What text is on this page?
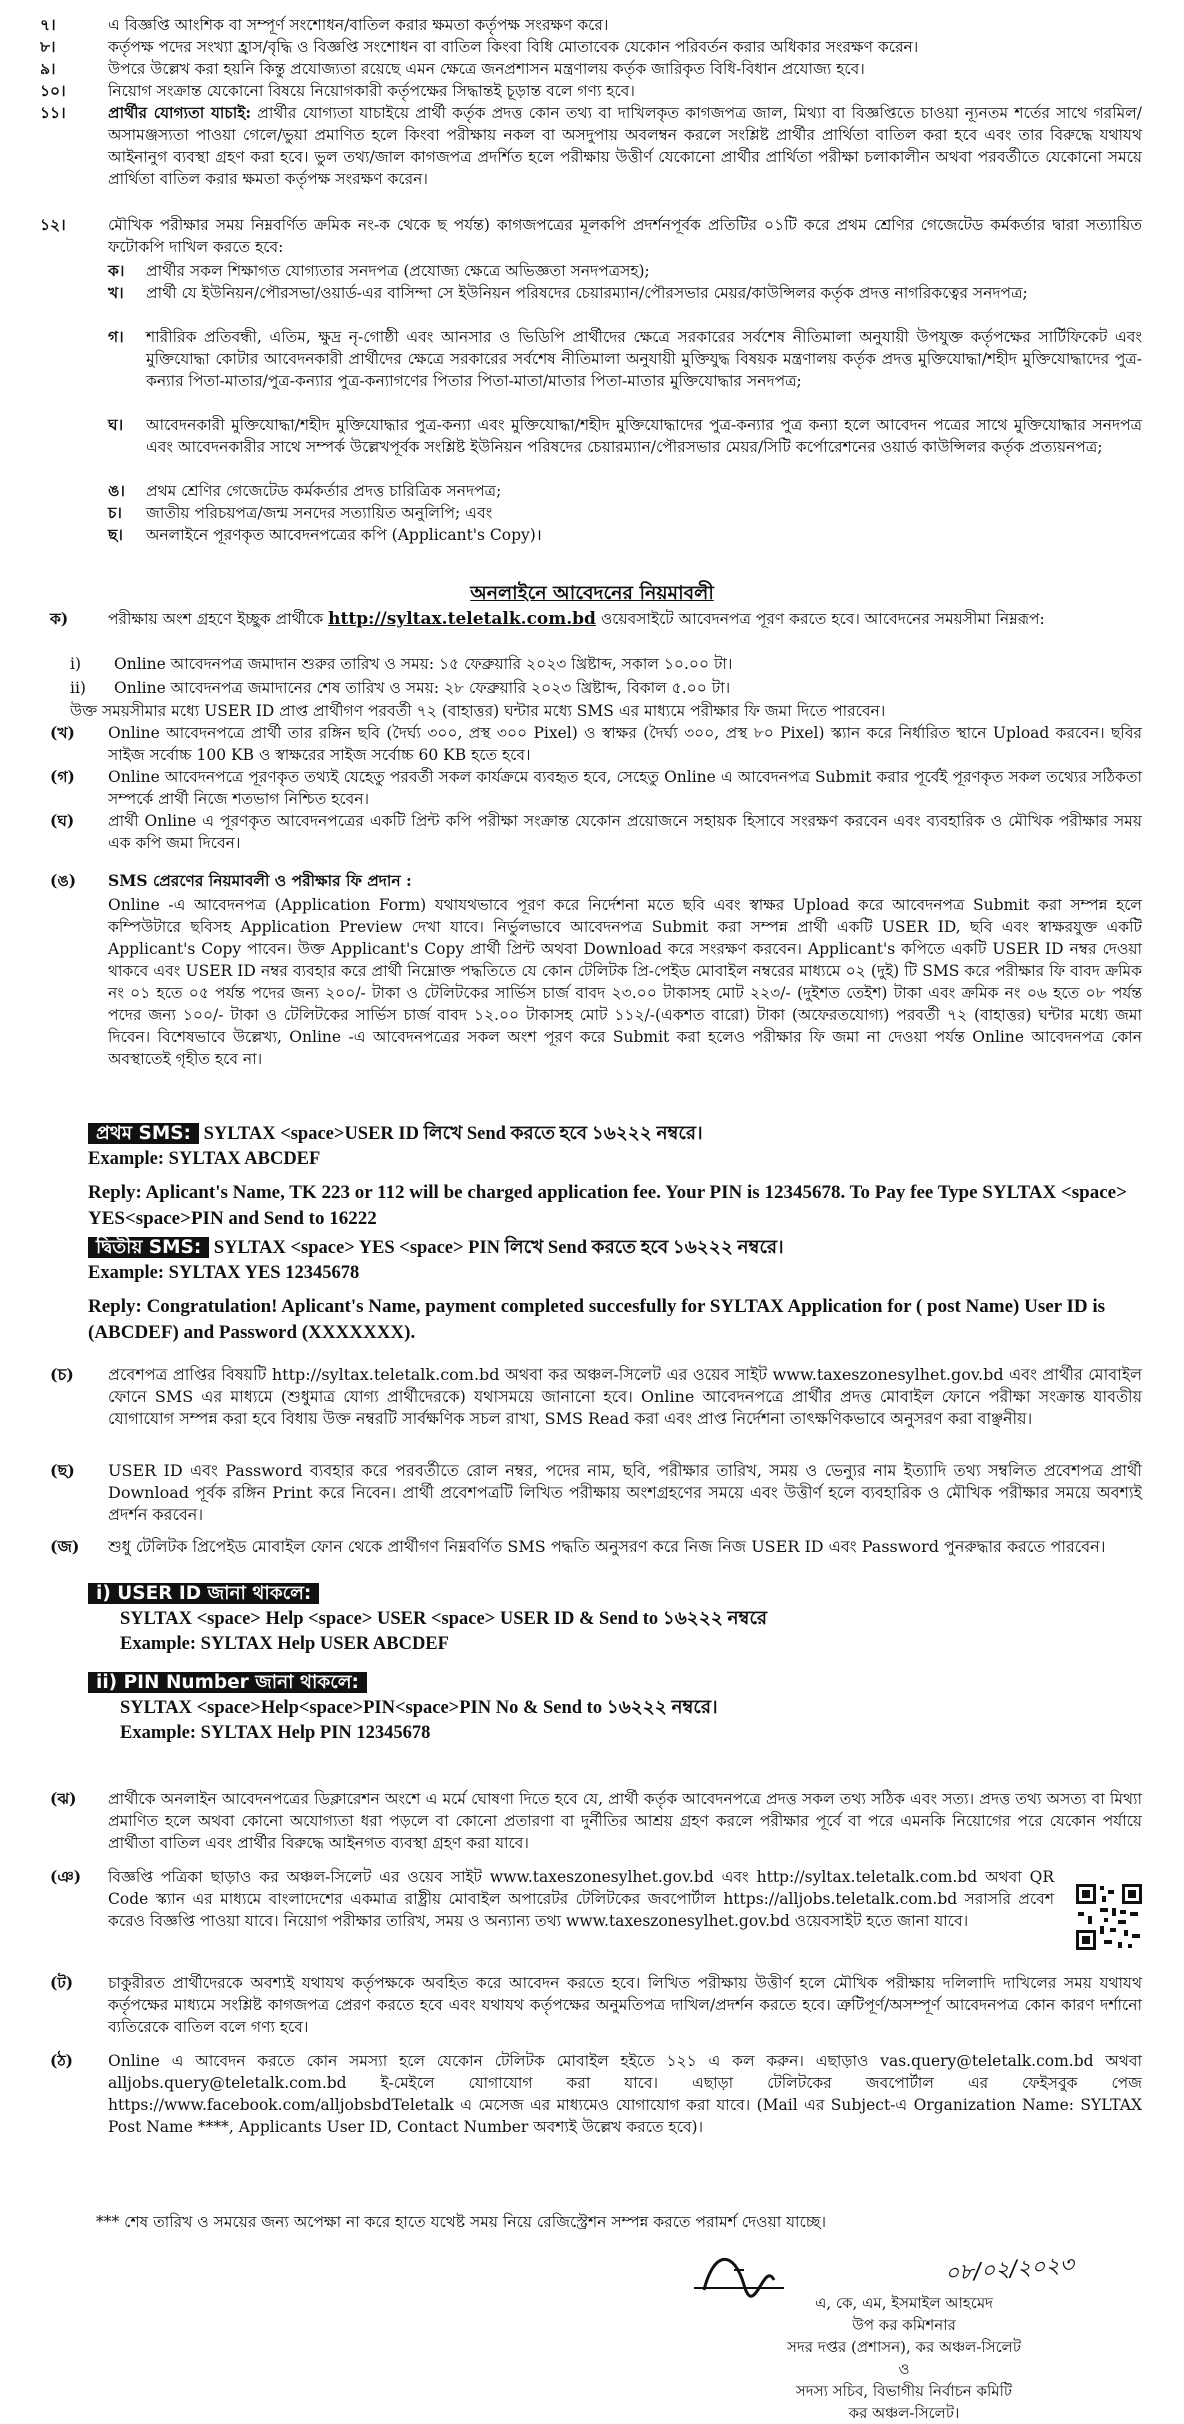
৭।	এ বিজ্ঞপ্তি আংশিক বা সম্পূর্ণ সংশোধন/বাতিল করার ক্ষমতা কর্তৃপক্ষ সংরক্ষণ করে।
৮।	কর্তৃপক্ষ পদের সংখ্যা হ্রাস/বৃদ্ধি ও বিজ্ঞপ্তি সংশোধন বা বাতিল কিংবা বিধি মোতাবেক যেকোন পরিবর্তন করার অধিকার সংরক্ষণ করেন।
৯।	উপরে উল্লেখ করা হয়নি কিন্তু প্রযোজ্যতা রয়েছে এমন ক্ষেত্রে জনপ্রশাসন মন্ত্রণালয় কর্তৃক জারিকৃত বিধি-বিধান প্রযোজ্য হবে।
১০।	নিয়োগ সংক্রান্ত যেকোনো বিষয়ে নিয়োগকারী কর্তৃপক্ষের সিদ্ধান্তই চূড়ান্ত বলে গণ্য হবে।
১১।	প্রার্থীর যোগ্যতা যাচাই: প্রার্থীর যোগ্যতা যাচাইয়ে প্রার্থী কর্তৃক প্রদত্ত কোন তথ্য বা দাখিলকৃত কাগজপত্র জাল, মিথ্যা বা বিজ্ঞপ্তিতে চাওয়া ন্যূনতম শর্তের সাথে গরমিল/অসামঞ্জস্যতা পাওয়া গেলে/ভুয়া প্রমাণিত হলে কিংবা পরীক্ষায় নকল বা অসদুপায় অবলম্বন করলে সংশ্লিষ্ট প্রার্থীর প্রার্থিতা বাতিল করা হবে এবং তার বিরুদ্ধে যথাযথ আইনানুগ ব্যবস্থা গ্রহণ করা হবে। ভুল তথ্য/জাল কাগজপত্র প্রদর্শিত হলে পরীক্ষায় উত্তীর্ণ যেকোনো প্রার্থীর প্রার্থিতা পরীক্ষা চলাকালীন অথবা পরবর্তীতে যেকোনো সময়ে প্রার্থিতা বাতিল করার ক্ষমতা কর্তৃপক্ষ সংরক্ষণ করেন।
১২।	মৌখিক পরীক্ষার সময় নিম্নবর্ণিত ক্রমিক নং-ক থেকে ছ পর্যন্ত) কাগজপত্রের মূলকপি প্রদর্শনপূর্বক প্রতিটির ০১টি করে প্রথম শ্রেণির গেজেটেড কর্মকর্তার দ্বারা সত্যায়িত ফটোকপি দাখিল করতে হবে:
ক।	প্রার্থীর সকল শিক্ষাগত যোগ্যতার সনদপত্র (প্রযোজ্য ক্ষেত্রে অভিজ্ঞতা সনদপত্রসহ);
খ।	প্রার্থী যে ইউনিয়ন/পৌরসভা/ওয়ার্ড-এর বাসিন্দা সে ইউনিয়ন পরিষদের চেয়ারম্যান/পৌরসভার মেয়র/কাউন্সিলর কর্তৃক প্রদত্ত নাগরিকত্বের সনদপত্র;
গ।	শারীরিক প্রতিবন্ধী, এতিম, ক্ষুদ্র নৃ-গোষ্ঠী এবং আনসার ও ভিডিপি প্রার্থীদের ক্ষেত্রে সরকারের সর্বশেষ নীতিমালা অনুযায়ী উপযুক্ত কর্তৃপক্ষের সার্টিফিকেট এবং মুক্তিযোদ্ধা কোটার আবেদনকারী প্রার্থীদের ক্ষেত্রে সরকারের সর্বশেষ নীতিমালা অনুযায়ী মুক্তিযুদ্ধ বিষয়ক মন্ত্রণালয় কর্তৃক প্রদত্ত মুক্তিযোদ্ধা/শহীদ মুক্তিযোদ্ধাদের পুত্র-কন্যার পিতা-মাতার/পুত্র-কন্যার পুত্র-কন্যাগণের পিতার পিতা-মাতা/মাতার পিতা-মাতার মুক্তিযোদ্ধার সনদপত্র;
ঘ।	আবেদনকারী মুক্তিযোদ্ধা/শহীদ মুক্তিযোদ্ধার পুত্র-কন্যা এবং মুক্তিযোদ্ধা/শহীদ মুক্তিযোদ্ধাদের পুত্র-কন্যার পুত্র কন্যা হলে আবেদন পত্রের সাথে মুক্তিযোদ্ধার সনদপত্র এবং আবেদনকারীর সাথে সম্পর্ক উল্লেখপূর্বক সংশ্লিষ্ট ইউনিয়ন পরিষদের চেয়ারম্যান/পৌরসভার মেয়র/সিটি কর্পোরেশনের ওয়ার্ড কাউন্সিলর কর্তৃক প্রত্যয়নপত্র;
ঙ।	প্রথম শ্রেণির গেজেটেড কর্মকর্তার প্রদত্ত চারিত্রিক সনদপত্র;
চ।	জাতীয় পরিচয়পত্র/জন্ম সনদের সত্যায়িত অনুলিপি; এবং
ছ।	অনলাইনে পূরণকৃত আবেদনপত্রের কপি (Applicant's Copy)।
অনলাইনে আবেদনের নিয়মাবলী
ক)	পরীক্ষায় অংশ গ্রহণে ইচ্ছুক প্রার্থীকে http://syltax.teletalk.com.bd ওয়েবসাইটে আবেদনপত্র পূরণ করতে হবে। আবেদনের সময়সীমা নিম্নরূপ:
i)	Online আবেদনপত্র জমাদান শুরুর তারিখ ও সময়: ১৫ ফেব্রুয়ারি ২০২৩ খ্রিষ্টাব্দ, সকাল ১০.০০ টা।
ii)	Online আবেদনপত্র জমাদানের শেষ তারিখ ও সময়: ২৮ ফেব্রুয়ারি ২০২৩ খ্রিষ্টাব্দ, বিকাল ৫.০০ টা।
উক্ত সময়সীমার মধ্যে USER ID প্রাপ্ত প্রার্থীগণ পরবর্তী ৭২ (বাহাত্তর) ঘন্টার মধ্যে SMS এর মাধ্যমে পরীক্ষার ফি জমা দিতে পারবেন।
(খ)	Online আবেদনপত্রে প্রার্থী তার রঙ্গিন ছবি (দৈর্ঘ্য ৩০০, প্রস্থ ৩০০ Pixel) ও স্বাক্ষর (দৈর্ঘ্য ৩০০, প্রস্থ ৮০ Pixel) স্ক্যান করে নির্ধারিত স্থানে Upload করবেন। ছবির সাইজ সর্বোচ্চ 100 KB ও স্বাক্ষরের সাইজ সর্বোচ্চ 60 KB হতে হবে।
(গ)	Online আবেদনপত্রে পূরণকৃত তথ্যই যেহেতু পরবর্তী সকল কার্যক্রমে ব্যবহৃত হবে, সেহেতু Online এ আবেদনপত্র Submit করার পূর্বেই পূরণকৃত সকল তথ্যের সঠিকতা সম্পর্কে প্রার্থী নিজে শতভাগ নিশ্চিত হবেন।
(ঘ)	প্রার্থী Online এ পূরণকৃত আবেদনপত্রের একটি প্রিন্ট কপি পরীক্ষা সংক্রান্ত যেকোন প্রয়োজনে সহায়ক হিসাবে সংরক্ষণ করবেন এবং ব্যবহারিক ও মৌখিক পরীক্ষার সময় এক কপি জমা দিবেন।
(ঙ)	SMS প্রেরণের নিয়মাবলী ও পরীক্ষার ফি প্রদান :
Online -এ আবেদনপত্র (Application Form) যথাযথভাবে পূরণ করে নির্দেশনা মতে ছবি এবং স্বাক্ষর Upload করে আবেদনপত্র Submit করা সম্পন্ন হলে কম্পিউটারে ছবিসহ Application Preview দেখা যাবে। নির্ভুলভাবে আবেদনপত্র Submit করা সম্পন্ন প্রার্থী একটি USER ID, ছবি এবং স্বাক্ষরযুক্ত একটি Applicant's Copy পাবেন। উক্ত Applicant's Copy প্রার্থী প্রিন্ট অথবা Download করে সংরক্ষণ করবেন। Applicant's কপিতে একটি USER ID নম্বর দেওয়া থাকবে এবং USER ID নম্বর ব্যবহার করে প্রার্থী নিম্নোক্ত পদ্ধতিতে যে কোন টেলিটক প্রি-পেইড মোবাইল নম্বরের মাধ্যমে ০২ (দুই) টি SMS করে পরীক্ষার ফি বাবদ ক্রমিক নং ০১ হতে ০৫ পর্যন্ত পদের জন্য ২০০/- টাকা ও টেলিটকের সার্ভিস চার্জ বাবদ ২৩.০০ টাকাসহ মোট ২২৩/- (দুইশত তেইশ) টাকা এবং ক্রমিক নং ০৬ হতে ০৮ পর্যন্ত পদের জন্য ১০০/- টাকা ও টেলিটকের সার্ভিস চার্জ বাবদ ১২.০০ টাকাসহ মোট ১১২/-(একশত বারো) টাকা (অফেরতযোগ্য) পরবর্তী ৭২ (বাহাত্তর) ঘন্টার মধ্যে জমা দিবেন। বিশেষভাবে উল্লেখ্য, Online -এ আবেদনপত্রের সকল অংশ পূরণ করে Submit করা হলেও পরীক্ষার ফি জমা না দেওয়া পর্যন্ত Online আবেদনপত্র কোন অবস্থাতেই গৃহীত হবে না।
প্রথম SMS: SYLTAX <space>USER ID লিখে Send করতে হবে ১৬২২২ নম্বরে।
Example: SYLTAX ABCDEF
Reply: Aplicant's Name, TK 223 or 112 will be charged application fee. Your PIN is 12345678. To Pay fee Type SYLTAX <space> YES<space>PIN and Send to 16222
দ্বিতীয় SMS: SYLTAX <space> YES <space> PIN লিখে Send করতে হবে ১৬২২২ নম্বরে।
Example: SYLTAX YES 12345678
Reply: Congratulation! Aplicant's Name, payment completed succesfully for SYLTAX Application for ( post Name) User ID is (ABCDEF) and Password (XXXXXXX).
(চ)	প্রবেশপত্র প্রাপ্তির বিষয়টি http://syltax.teletalk.com.bd অথবা কর অঞ্চল-সিলেট এর ওয়েব সাইট www.taxeszonesylhet.gov.bd এবং প্রার্থীর মোবাইল ফোনে SMS এর মাধ্যমে (শুধুমাত্র যোগ্য প্রার্থীদেরকে) যথাসময়ে জানানো হবে। Online আবেদনপত্রে প্রার্থীর প্রদত্ত মোবাইল ফোনে পরীক্ষা সংক্রান্ত যাবতীয় যোগাযোগ সম্পন্ন করা হবে বিধায় উক্ত নম্বরটি সার্বক্ষণিক সচল রাখা, SMS Read করা এবং প্রাপ্ত নির্দেশনা তাৎক্ষণিকভাবে অনুসরণ করা বাঞ্ছনীয়।
(ছ)	USER ID এবং Password ব্যবহার করে পরবর্তীতে রোল নম্বর, পদের নাম, ছবি, পরীক্ষার তারিখ, সময় ও ভেন্যুর নাম ইত্যাদি তথ্য সম্বলিত প্রবেশপত্র প্রার্থী Download পূর্বক রঙ্গিন Print করে নিবেন। প্রার্থী প্রবেশপত্রটি লিখিত পরীক্ষায় অংশগ্রহণের সময়ে এবং উত্তীর্ণ হলে ব্যবহারিক ও মৌখিক পরীক্ষার সময়ে অবশ্যই প্রদর্শন করবেন।
(জ)	শুধু টেলিটক প্রিপেইড মোবাইল ফোন থেকে প্রার্থীগণ নিম্নবর্ণিত SMS পদ্ধতি অনুসরণ করে নিজ নিজ USER ID এবং Password পুনরুদ্ধার করতে পারবেন।
i) USER ID জানা থাকলে:
SYLTAX <space> Help <space> USER <space> USER ID & Send to ১৬২২২ নম্বরে
Example: SYLTAX Help USER ABCDEF
ii) PIN Number জানা থাকলে:
SYLTAX <space>Help<space>PIN<space>PIN No & Send to ১৬২২২ নম্বরে।
Example: SYLTAX Help PIN 12345678
(ঝ)	প্রার্থীকে অনলাইন আবেদনপত্রের ডিক্লারেশন অংশে এ মর্মে ঘোষণা দিতে হবে যে, প্রার্থী কর্তৃক আবেদনপত্রে প্রদত্ত সকল তথ্য সঠিক এবং সত্য। প্রদত্ত তথ্য অসত্য বা মিথ্যা প্রমাণিত হলে অথবা কোনো অযোগ্যতা ধরা পড়লে বা কোনো প্রতারণা বা দুর্নীতির আশ্রয় গ্রহণ করলে পরীক্ষার পূর্বে বা পরে এমনকি নিয়োগের পরে যেকোন পর্যায়ে প্রার্থীতা বাতিল এবং প্রার্থীর বিরুদ্ধে আইনগত ব্যবস্থা গ্রহণ করা যাবে।
(ঞ)	বিজ্ঞপ্তি পত্রিকা ছাড়াও কর অঞ্চল-সিলেট এর ওয়েব সাইট www.taxeszonesylhet.gov.bd এবং http://syltax.teletalk.com.bd অথবা QR Code স্ক্যান এর মাধ্যমে বাংলাদেশের একমাত্র রাষ্ট্রীয় মোবাইল অপারেটর টেলিটকের জবপোর্টাল https://alljobs.teletalk.com.bd সরাসরি প্রবেশ করেও বিজ্ঞপ্তি পাওয়া যাবে। নিয়োগ পরীক্ষার তারিখ, সময় ও অন্যান্য তথ্য www.taxeszonesylhet.gov.bd ওয়েবসাইট হতে জানা যাবে।
(ট)	চাকুরীরত প্রার্থীদেরকে অবশ্যই যথাযথ কর্তৃপক্ষকে অবহিত করে আবেদন করতে হবে। লিখিত পরীক্ষায় উত্তীর্ণ হলে মৌখিক পরীক্ষায় দলিলাদি দাখিলের সময় যথাযথ কর্তৃপক্ষের মাধ্যমে সংশ্লিষ্ট কাগজপত্র প্রেরণ করতে হবে এবং যথাযথ কর্তৃপক্ষের অনুমতিপত্র দাখিল/প্রদর্শন করতে হবে। ত্রুটিপূর্ণ/অসম্পূর্ণ আবেদনপত্র কোন কারণ দর্শানো ব্যতিরেকে বাতিল বলে গণ্য হবে।
(ঠ)	Online এ আবেদন করতে কোন সমস্যা হলে যেকোন টেলিটক মোবাইল হইতে ১২১ এ কল করুন। এছাড়াও vas.query@teletalk.com.bd অথবা alljobs.query@teletalk.com.bd ই-মেইলে যোগাযোগ করা যাবে। এছাড়া টেলিটকের জবপোর্টাল এর ফেইসবুক পেজ https://www.facebook.com/alljobsbdTeletalk এ মেসেজ এর মাধ্যমেও যোগাযোগ করা যাবে। (Mail এর Subject-এ Organization Name: SYLTAX Post Name ****, Applicants User ID, Contact Number অবশ্যই উল্লেখ করতে হবে)।
*** শেষ তারিখ ও সময়ের জন্য অপেক্ষা না করে হাতে যথেষ্ট সময় নিয়ে রেজিস্ট্রেশন সম্পন্ন করতে পরামর্শ দেওয়া যাচ্ছে।
০৮/০২/২০২৩
এ, কে, এম, ইসমাইল আহমেদ
উপ কর কমিশনার
সদর দপ্তর (প্রশাসন), কর অঞ্চল-সিলেট
ও
সদস্য সচিব, বিভাগীয় নির্বাচন কমিটি
কর অঞ্চল-সিলেট।
